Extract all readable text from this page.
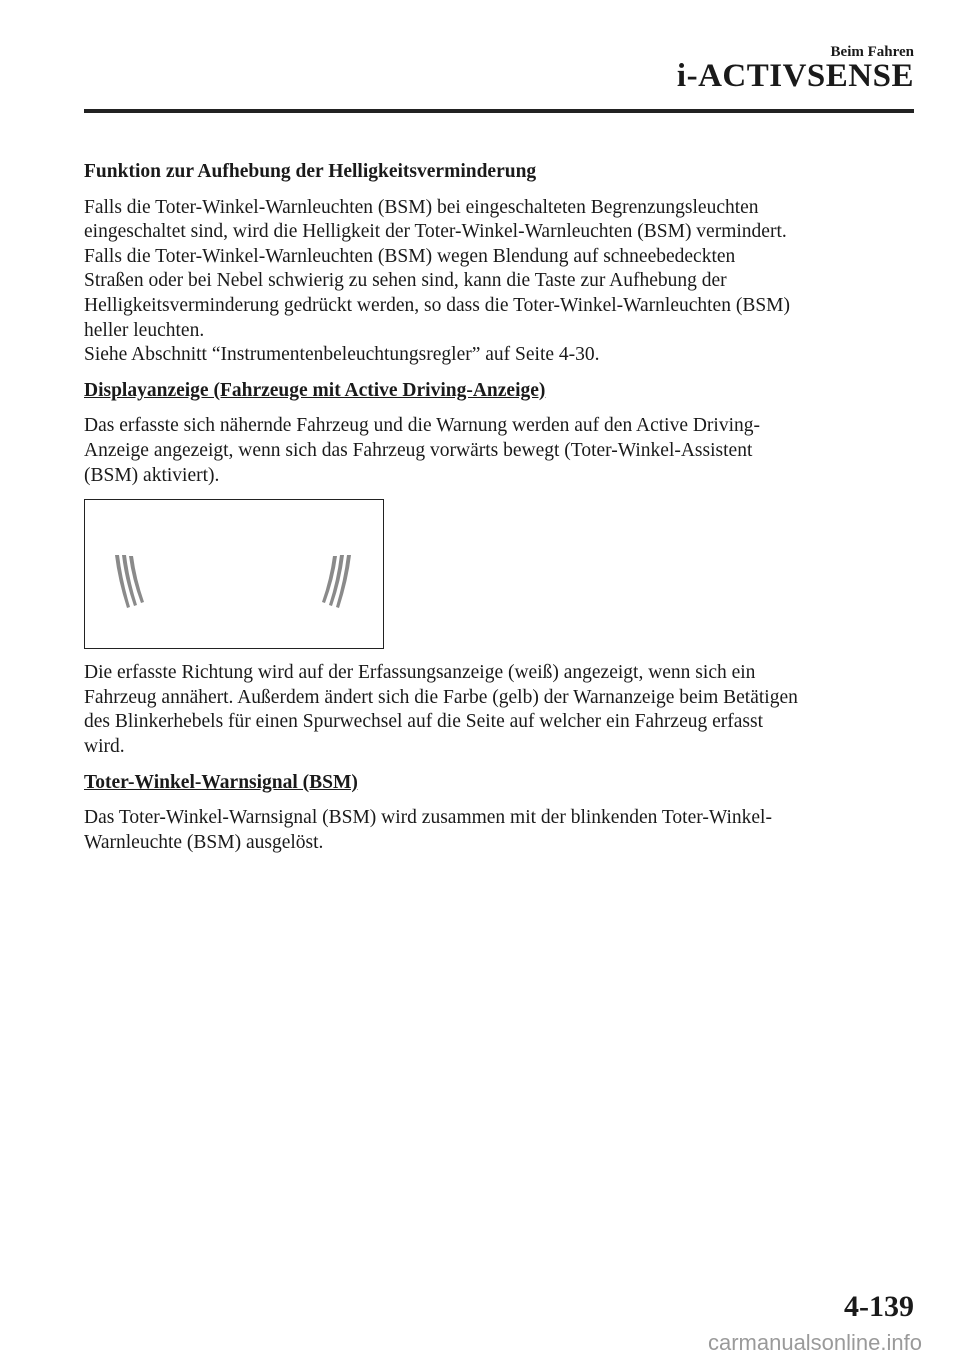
Beim Fahren
i-ACTIVSENSE

Funktion zur Aufhebung der Helligkeitsverminderung

Falls die Toter-Winkel-Warnleuchten (BSM) bei eingeschalteten Begrenzungsleuchten
eingeschaltet sind, wird die Helligkeit der Toter-Winkel-Warnleuchten (BSM) vermindert.
Falls die Toter-Winkel-Warnleuchten (BSM) wegen Blendung auf schneebedeckten
Straßen oder bei Nebel schwierig zu sehen sind, kann die Taste zur Aufhebung der
Helligkeitsverminderung gedrückt werden, so dass die Toter-Winkel-Warnleuchten (BSM)
heller leuchten.
Siehe Abschnitt “Instrumentenbeleuchtungsregler” auf Seite 4-30.

Displayanzeige (Fahrzeuge mit Active Driving-Anzeige)

Das erfasste sich nähernde Fahrzeug und die Warnung werden auf den Active Driving-
Anzeige angezeigt, wenn sich das Fahrzeug vorwärts bewegt (Toter-Winkel-Assistent
(BSM) aktiviert).

Die erfasste Richtung wird auf der Erfassungsanzeige (weiß) angezeigt, wenn sich ein
Fahrzeug annähert. Außerdem ändert sich die Farbe (gelb) der Warnanzeige beim Betätigen
des Blinkerhebels für einen Spurwechsel auf die Seite auf welcher ein Fahrzeug erfasst
wird.

Toter-Winkel-Warnsignal (BSM)

Das Toter-Winkel-Warnsignal (BSM) wird zusammen mit der blinkenden Toter-Winkel-
Warnleuchte (BSM) ausgelöst.

4-139
carmanualsonline.info
